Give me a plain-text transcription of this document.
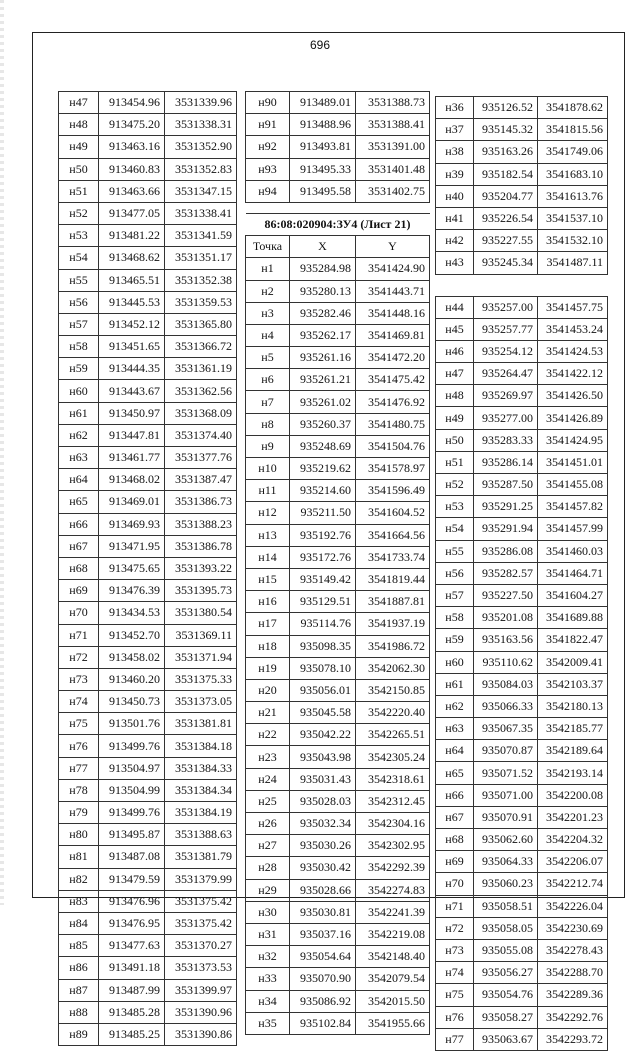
696
н47	913454.96	3531339.96
н48	913475.20	3531338.31
н49	913463.16	3531352.90
н50	913460.83	3531352.83
н51	913463.66	3531347.15
н52	913477.05	3531338.41
н53	913481.22	3531341.59
н54	913468.62	3531351.17
н55	913465.51	3531352.38
н56	913445.53	3531359.53
н57	913452.12	3531365.80
н58	913451.65	3531366.72
н59	913444.35	3531361.19
н60	913443.67	3531362.56
н61	913450.97	3531368.09
н62	913447.81	3531374.40
н63	913461.77	3531377.76
н64	913468.02	3531387.47
н65	913469.01	3531386.73
н66	913469.93	3531388.23
н67	913471.95	3531386.78
н68	913475.65	3531393.22
н69	913476.39	3531395.73
н70	913434.53	3531380.54
н71	913452.70	3531369.11
н72	913458.02	3531371.94
н73	913460.20	3531375.33
н74	913450.73	3531373.05
н75	913501.76	3531381.81
н76	913499.76	3531384.18
н77	913504.97	3531384.33
н78	913504.99	3531384.34
н79	913499.76	3531384.19
н80	913495.87	3531388.63
н81	913487.08	3531381.79
н82	913479.59	3531379.99
н83	913476.96	3531375.42
н84	913476.95	3531375.42
н85	913477.63	3531370.27
н86	913491.18	3531373.53
н87	913487.99	3531399.97
н88	913485.28	3531390.96
н89	913485.25	3531390.86
н90	913489.01	3531388.73
н91	913488.96	3531388.41
н92	913493.81	3531391.00
н93	913495.33	3531401.48
н94	913495.58	3531402.75

86:08:020904:ЗУ4 (Лист 21)		
Точка	X	Y
н1	935284.98	3541424.90
н2	935280.13	3541443.71
н3	935282.46	3541448.16
н4	935262.17	3541469.81
н5	935261.16	3541472.20
н6	935261.21	3541475.42
н7	935261.02	3541476.92
н8	935260.37	3541480.75
н9	935248.69	3541504.76
н10	935219.62	3541578.97
н11	935214.60	3541596.49
н12	935211.50	3541604.52
н13	935192.76	3541664.56
н14	935172.76	3541733.74
н15	935149.42	3541819.44
н16	935129.51	3541887.81
н17	935114.76	3541937.19
н18	935098.35	3541986.72
н19	935078.10	3542062.30
н20	935056.01	3542150.85
н21	935045.58	3542220.40
н22	935042.22	3542265.51
н23	935043.98	3542305.24
н24	935031.43	3542318.61
н25	935028.03	3542312.45
н26	935032.34	3542304.16
н27	935030.26	3542302.95
н28	935030.42	3542292.39
н29	935028.66	3542274.83
н30	935030.81	3542241.39
н31	935037.16	3542219.08
н32	935054.64	3542148.40
н33	935070.90	3542079.54
н34	935086.92	3542015.50
н35	935102.84	3541955.66
н36	935126.52	3541878.62
н37	935145.32	3541815.56
н38	935163.26	3541749.06
н39	935182.54	3541683.10
н40	935204.77	3541613.76
н41	935226.54	3541537.10
н42	935227.55	3541532.10
н43	935245.34	3541487.11

н44	935257.00	3541457.75
н45	935257.77	3541453.24
н46	935254.12	3541424.53
н47	935264.47	3541422.12
н48	935269.97	3541426.50
н49	935277.00	3541426.89
н50	935283.33	3541424.95
н51	935286.14	3541451.01
н52	935287.50	3541455.08
н53	935291.25	3541457.82
н54	935291.94	3541457.99
н55	935286.08	3541460.03
н56	935282.57	3541464.71
н57	935227.50	3541604.27
н58	935201.08	3541689.88
н59	935163.56	3541822.47
н60	935110.62	3542009.41
н61	935084.03	3542103.37
н62	935066.33	3542180.13
н63	935067.35	3542185.77
н64	935070.87	3542189.64
н65	935071.52	3542193.14
н66	935071.00	3542200.08
н67	935070.91	3542201.23
н68	935062.60	3542204.32
н69	935064.33	3542206.07
н70	935060.23	3542212.74
н71	935058.51	3542226.04
н72	935058.05	3542230.69
н73	935055.08	3542278.43
н74	935056.27	3542288.70
н75	935054.76	3542289.36
н76	935058.27	3542292.76
н77	935063.67	3542293.72
